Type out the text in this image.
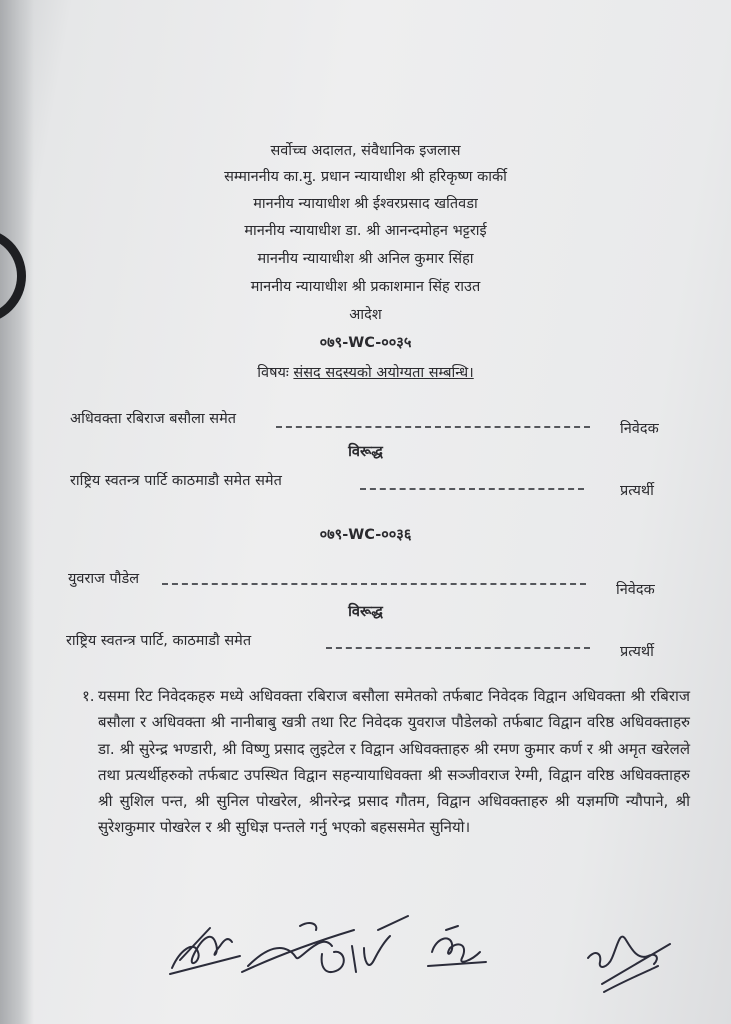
सर्वोच्च अदालत, संवैधानिक इजलास
सम्माननीय का.मु. प्रधान न्यायाधीश श्री हरिकृष्ण कार्की
माननीय न्यायाधीश श्री ईश्वरप्रसाद खतिवडा
माननीय न्यायाधीश डा. श्री आनन्दमोहन भट्टराई
माननीय न्यायाधीश श्री अनिल कुमार सिंहा
माननीय न्यायाधीश श्री प्रकाशमान सिंह राउत
आदेश
०७९-WC-००३५
विषयः संसद सदस्यको अयोग्यता सम्बन्धि।
अधिवक्ता रबिराज बसौला समेत
निवेदक
विरूद्ध
राष्ट्रिय स्वतन्त्र पार्टि काठमाडौ समेत समेत
प्रत्यर्थी
०७९-WC-००३६
युवराज पौडेल
निवेदक
विरूद्ध
राष्ट्रिय स्वतन्त्र पार्टि, काठमाडौ समेत
प्रत्यर्थी
१. यसमा रिट निवेदकहरु मध्ये अधिवक्ता रबिराज बसौला समेतको तर्फबाट निवेदक विद्वान अधिवक्ता श्री रबिराज बसौला र अधिवक्ता श्री नानीबाबु खत्री तथा रिट निवेदक युवराज पौडेलको तर्फबाट विद्वान वरिष्ठ अधिवक्ताहरु डा. श्री सुरेन्द्र भण्डारी, श्री विष्णु प्रसाद लुइटेल र विद्वान अधिवक्ताहरु श्री रमण कुमार कर्ण र श्री अमृत खरेलले तथा प्रत्यर्थीहरुको तर्फबाट उपस्थित विद्वान सहन्यायाधिवक्ता श्री सञ्जीवराज रेग्मी, विद्वान वरिष्ठ अधिवक्ताहरु श्री सुशिल पन्त, श्री सुनिल पोखरेल, श्रीनरेन्द्र प्रसाद गौतम, विद्वान अधिवक्ताहरु श्री यज्ञमणि न्यौपाने, श्री सुरेशकुमार पोखरेल र श्री सुधिज्ञ पन्तले गर्नु भएको बहससमेत सुनियो।
